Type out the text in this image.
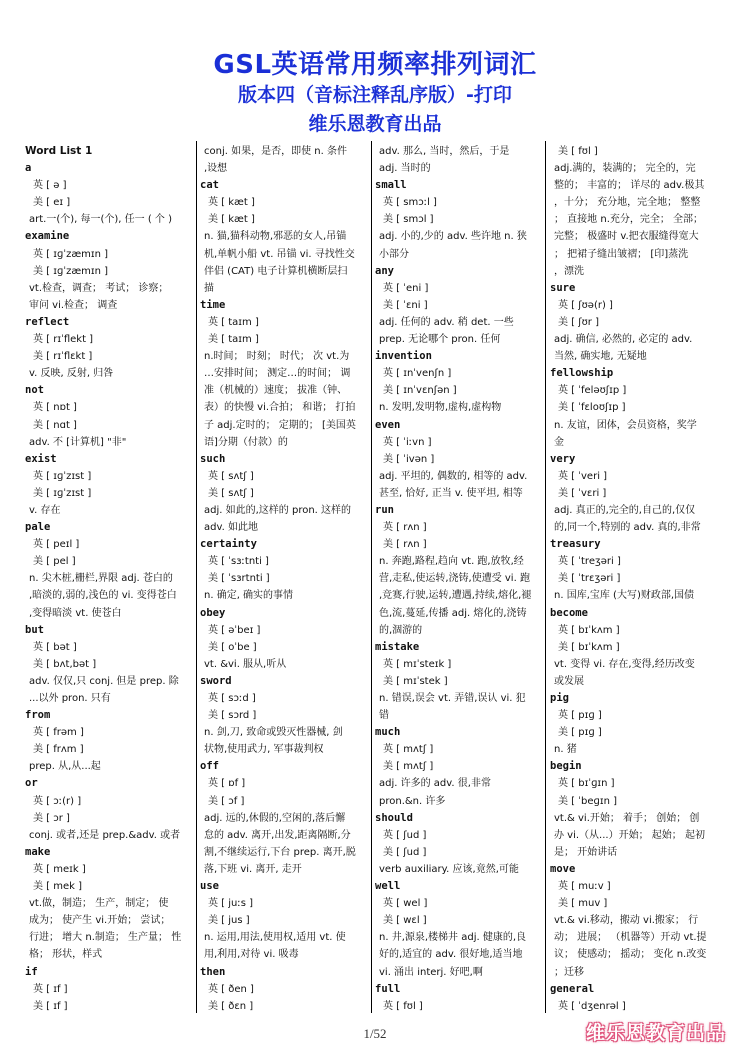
GSL英语常用频率排列词汇
版本四（音标注释乱序版）-打印
维乐恩教育出品
Word List 1
a
英 [ ə ]
美 [ eɪ ]
art.一(个), 每一(个), 任一 ( 个 )
examine
英 [ ɪɡˈzæmɪn ]
美 [ ɪɡˈzæmɪn ]
vt.检查，调查； 考试； 诊察；
审问 vi.检查； 调查
reflect
英 [ rɪˈflekt ]
美 [ rɪˈflɛkt ]
v. 反映, 反射, 归咎
not
英 [ nɒt ]
美 [ nɑt ]
adv. 不 [计算机] "非"
exist
英 [ ɪɡˈzɪst ]
美 [ ɪɡˈzɪst ]
v. 存在
pale
英 [ peɪl ]
美 [ pel ]
n. 尖木桩,栅栏,界限 adj. 苍白的
,暗淡的,弱的,浅色的 vi. 变得苍白
,变得暗淡 vt. 使苍白
but
英 [ bət ]
美 [ bʌt,bət ]
adv. 仅仅,只 conj. 但是 prep. 除
...以外 pron. 只有
from
英 [ frəm ]
美 [ frʌm ]
prep. 从,从...起
or
英 [ ɔː(r) ]
美 [ ɔr ]
conj. 或者,还是 prep.&adv. 或者
make
英 [ meɪk ]
美 [ mek ]
vt.做，制造； 生产，制定； 使
成为； 使产生 vi.开始； 尝试；
行进； 增大 n.制造； 生产量； 性
格； 形状，样式
if
英 [ ɪf ]
美 [ ɪf ]
conj. 如果，是否，即使 n. 条件
,设想
cat
英 [ kæt ]
美 [ kæt ]
n. 猫,猫科动物,邪恶的女人,吊锚
机,单帆小船 vt. 吊锚 vi. 寻找性交
伴侣 (CAT) 电子计算机横断层扫
描
time
英 [ taɪm ]
美 [ taɪm ]
n.时间； 时刻； 时代； 次 vt.为
…安排时间； 测定…的时间； 调
准（机械的）速度； 拔准（钟、
表）的快慢 vi.合拍； 和谐； 打拍
子 adj.定时的； 定期的； [美国英
语]分期（付款）的
such
英 [ sʌtʃ ]
美 [ sʌtʃ ]
adj. 如此的,这样的 pron. 这样的
adv. 如此地
certainty
英 [ ˈsɜːtnti ]
美 [ ˈsɜrtnti ]
n. 确定, 确实的事情
obey
英 [ əˈbeɪ ]
美 [ oˈbe ]
vt. &vi. 服从,听从
sword
英 [ sɔːd ]
美 [ sɔrd ]
n. 剑,刀, 致命或毁灭性器械, 剑
状物,使用武力, 军事裁判权
off
英 [ ɒf ]
美 [ ɔf ]
adj. 远的,休假的,空闲的,落后懈
怠的 adv. 离开,出发,距离隔断,分
割,不继续运行,下台 prep. 离开,脱
落,下班 vi. 离开, 走开
use
英 [ juːs ]
美 [ jus ]
n. 运用,用法,使用权,适用 vt. 使
用,利用,对待 vi. 吸毒
then
英 [ ðen ]
美 [ ðɛn ]
adv. 那么, 当时，然后，于是
adj. 当时的
small
英 [ smɔːl ]
美 [ smɔl ]
adj. 小的,少的 adv. 些许地 n. 狭
小部分
any
英 [ ˈeni ]
美 [ ˈɛni ]
adj. 任何的 adv. 稍 det. 一些
prep. 无论哪个 pron. 任何
invention
英 [ ɪnˈvenʃn ]
美 [ ɪnˈvɛnʃən ]
n. 发明,发明物,虚构,虚构物
even
英 [ ˈiːvn ]
美 [ ˈivən ]
adj. 平坦的, 偶数的, 相等的 adv.
甚至, 恰好, 正当 v. 使平坦, 相等
run
英 [ rʌn ]
美 [ rʌn ]
n. 奔跑,路程,趋向 vt. 跑,放牧,经
营,走私,使运转,浇铸,使遭受 vi. 跑
,竞赛,行驶,运转,遭遇,持续,熔化,褪
色,流,蔓延,传播 adj. 熔化的,浇铸
的,涸游的
mistake
英 [ mɪˈsteɪk ]
美 [ mɪˈstek ]
n. 错误,误会 vt. 弄错,误认 vi. 犯
错
much
英 [ mʌtʃ ]
美 [ mʌtʃ ]
adj. 许多的 adv. 很,非常
pron.&n. 许多
should
英 [ ʃud ]
美 [ ʃud ]
verb auxiliary. 应该,竟然,可能
well
英 [ wel ]
美 [ wɛl ]
n. 井,源泉,楼梯井 adj. 健康的,良
好的,适宜的 adv. 很好地,适当地
vi. 涌出 interj. 好吧,啊
full
英 [ fʊl ]
美 [ fʊl ]
adj.满的，装满的； 完全的，完
整的； 丰富的； 详尽的 adv.极其
，十分； 充分地，完全地； 整整
； 直接地 n.充分，完全； 全部；
完整； 极盛时 v.把衣服缝得宽大
； 把裙子缝出皱褶； [印]蒸洗
，漂洗
sure
英 [ ʃʊə(r) ]
美 [ ʃʊr ]
adj. 确信, 必然的, 必定的 adv.
当然, 确实地, 无疑地
fellowship
英 [ ˈfeləʊʃɪp ]
美 [ ˈfɛloʊʃɪp ]
n. 友谊，团体，会员资格，奖学
金
very
英 [ ˈveri ]
美 [ ˈvɛri ]
adj. 真正的,完全的,自己的,仅仅
的,同一个,特别的 adv. 真的,非常
treasury
英 [ ˈtreʒəri ]
美 [ ˈtrɛʒəri ]
n. 国库,宝库 (大写)财政部,国债
become
英 [ bɪˈkʌm ]
美 [ bɪˈkʌm ]
vt. 变得 vi. 存在,变得,经历改变
或发展
pig
英 [ pɪɡ ]
美 [ pɪɡ ]
n. 猪
begin
英 [ bɪˈɡɪn ]
美 [ ˈbeɡɪn ]
vt.& vi.开始； 着手； 创始； 创
办 vi.（从...）开始； 起始； 起初
是； 开始讲话
move
英 [ muːv ]
美 [ muv ]
vt.& vi.移动，搬动 vi.搬家； 行
动； 进展； （机器等）开动 vt.提
议； 使感动； 摇动； 变化 n.改变
；迁移
general
英 [ ˈdʒenrəl ]
1/52	维乐恩教育出品
